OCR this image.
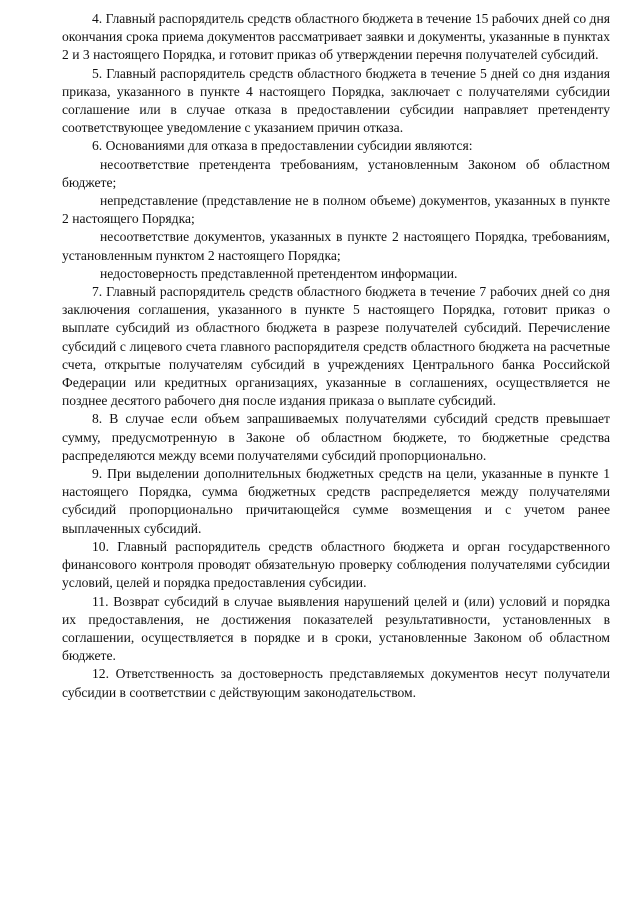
4. Главный распорядитель средств областного бюджета в течение 15 рабочих дней со дня окончания срока приема документов рассматривает заявки и документы, указанные в пунктах 2 и 3 настоящего Порядка, и готовит приказ об утверждении перечня получателей субсидий.

5. Главный распорядитель средств областного бюджета в течение 5 дней со дня издания приказа, указанного в пункте 4 настоящего Порядка, заключает с получателями субсидии соглашение или в случае отказа в предоставлении субсидии направляет претенденту соответствующее уведомление с указанием причин отказа.

6. Основаниями для отказа в предоставлении субсидии являются:

несоответствие претендента требованиям, установленным Законом об областном бюджете;

непредставление (представление не в полном объеме) документов, указанных в пункте 2 настоящего Порядка;

несоответствие документов, указанных в пункте 2 настоящего Порядка, требованиям, установленным пунктом 2 настоящего Порядка;

недостоверность представленной претендентом информации.

7. Главный распорядитель средств областного бюджета в течение 7 рабочих дней со дня заключения соглашения, указанного в пункте 5 настоящего Порядка, готовит приказ о выплате субсидий из областного бюджета в разрезе получателей субсидий. Перечисление субсидий с лицевого счета главного распорядителя средств областного бюджета на расчетные счета, открытые получателям субсидий в учреждениях Центрального банка Российской Федерации или кредитных организациях, указанные в соглашениях, осуществляется не позднее десятого рабочего дня после издания приказа о выплате субсидий.

8. В случае если объем запрашиваемых получателями субсидий средств превышает сумму, предусмотренную в Законе об областном бюджете, то бюджетные средства распределяются между всеми получателями субсидий пропорционально.

9. При выделении дополнительных бюджетных средств на цели, указанные в пункте 1 настоящего Порядка, сумма бюджетных средств распределяется между получателями субсидий пропорционально причитающейся сумме возмещения и с учетом ранее выплаченных субсидий.

10. Главный распорядитель средств областного бюджета и орган государственного финансового контроля проводят обязательную проверку соблюдения получателями субсидии условий, целей и порядка предоставления субсидии.

11. Возврат субсидий в случае выявления нарушений целей и (или) условий и порядка их предоставления, не достижения показателей результативности, установленных в соглашении, осуществляется в порядке и в сроки, установленные Законом об областном бюджете.

12. Ответственность за достоверность представляемых документов несут получатели субсидии в соответствии с действующим законодательством.
